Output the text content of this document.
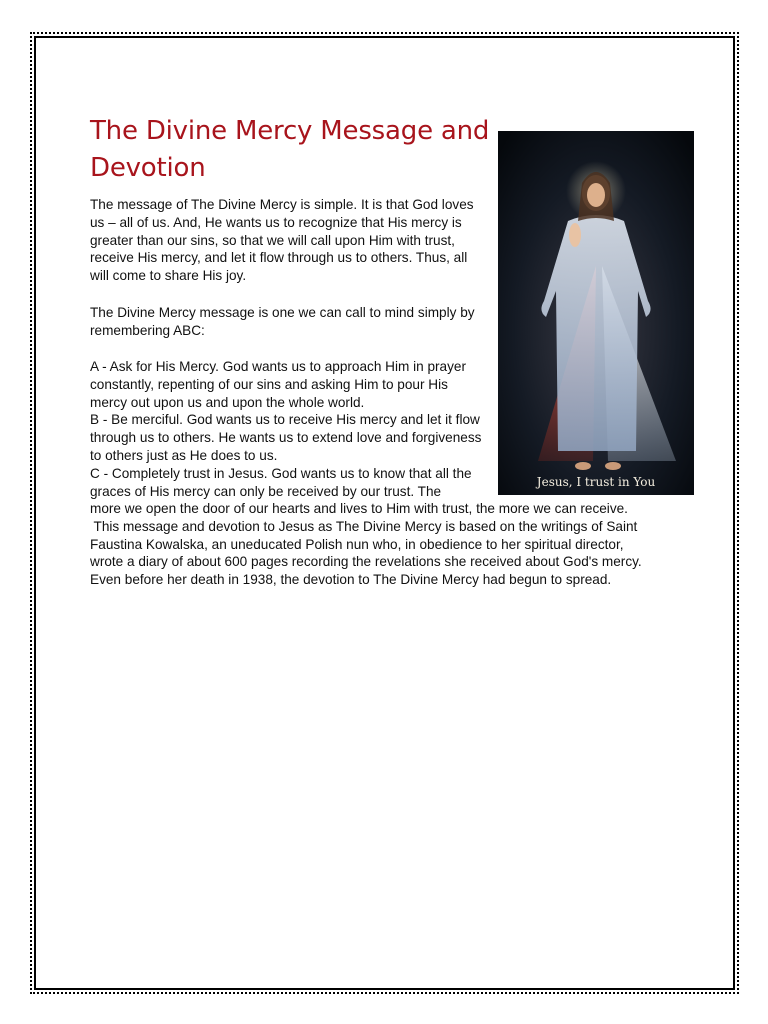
The Divine Mercy Message and Devotion

The message of The Divine Mercy is simple. It is that God loves us – all of us. And, He wants us to recognize that His mercy is greater than our sins, so that we will call upon Him with trust, receive His mercy, and let it flow through us to others. Thus, all will come to share His joy.

The Divine Mercy message is one we can call to mind simply by remembering ABC:

A - Ask for His Mercy. God wants us to approach Him in prayer constantly, repenting of our sins and asking Him to pour His mercy out upon us and upon the whole world.
B - Be merciful. God wants us to receive His mercy and let it flow through us to others. He wants us to extend love and forgiveness to others just as He does to us.
C - Completely trust in Jesus. God wants us to know that all the graces of His mercy can only be received by our trust. The
more we open the door of our hearts and lives to Him with trust, the more we can receive.
This message and devotion to Jesus as The Divine Mercy is based on the writings of Saint
Faustina Kowalska, an uneducated Polish nun who, in obedience to her spiritual director,
wrote a diary of about 600 pages recording the revelations she received about God's mercy.
Even before her death in 1938, the devotion to The Divine Mercy had begun to spread.
Jesus, I trust in You
